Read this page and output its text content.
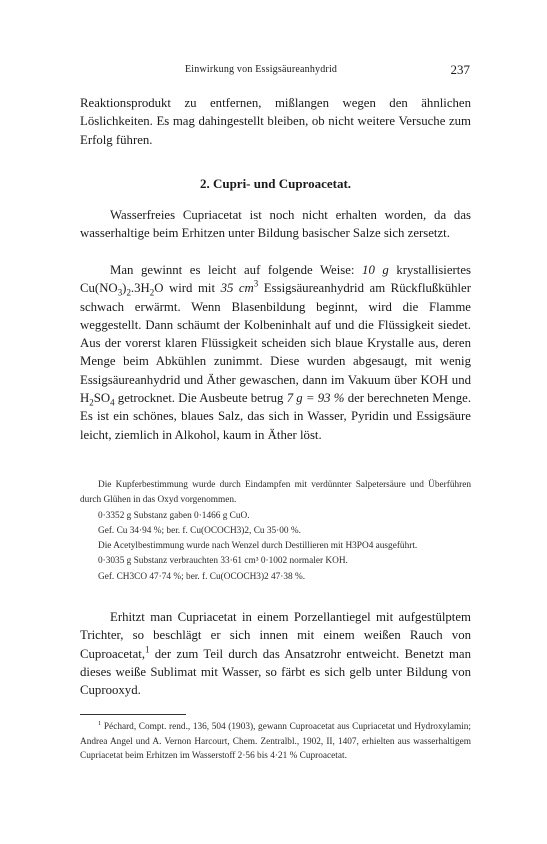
Einwirkung von Essigsäureanhydrid	237

Reaktionsprodukt zu entfernen, mißlangen wegen den ähnlichen Löslichkeiten. Es mag dahingestellt bleiben, ob nicht weitere Versuche zum Erfolg führen.

2. Cupri- und Cuproacetat.

Wasserfreies Cupriacetat ist noch nicht erhalten worden, da das wasserhaltige beim Erhitzen unter Bildung basischer Salze sich zersetzt.

Man gewinnt es leicht auf folgende Weise: 10 g krystallisiertes $Cu(NO_3)_2.3H_2O$ wird mit 35 $cm^3$ Essigsäureanhydrid am Rückflußkühler schwach erwärmt. Wenn Blasenbildung beginnt, wird die Flamme weggestellt. Dann schäumt der Kolbeninhalt auf und die Flüssigkeit siedet. Aus der vorerst klaren Flüssigkeit scheiden sich blaue Krystalle aus, deren Menge beim Abkühlen zunimmt. Diese wurden abgesaugt, mit wenig Essigsäureanhydrid und Äther gewaschen, dann im Vakuum über KOH und $H_2SO_4$ getrocknet. Die Ausbeute betrug 7 g = 93 % der berechneten Menge. Es ist ein schönes, blaues Salz, das sich in Wasser, Pyridin und Essigsäure leicht, ziemlich in Alkohol, kaum in Äther löst.

Die Kupferbestimmung wurde durch Eindampfen mit verdünnter Salpetersäure und Überführen durch Glühen in das Oxyd vorgenommen.

0·3352 g Substanz gaben 0·1466 g CuO.

Gef. Cu 34·94 %; ber. f. Cu(OCOCH3)2, Cu 35·00 %.

Die Acetylbestimmung wurde nach Wenzel durch Destillieren mit H3PO4 ausgeführt.

0·3035 g Substanz verbrauchten 33·61 cm³ 0·1002 normaler KOH.

Gef. CH3CO 47·74 %; ber. f. Cu(OCOCH3)2 47·38 %.

Erhitzt man Cupriacetat in einem Porzellantiegel mit aufgestülptem Trichter, so beschlägt er sich innen mit einem weißen Rauch von Cuproacetat,$^1$ der zum Teil durch das Ansatzrohr entweicht. Benetzt man dieses weiße Sublimat mit Wasser, so färbt es sich gelb unter Bildung von Cuprooxyd.

$^1$ Péchard, Compt. rend., 136, 504 (1903), gewann Cuproacetat aus Cupriacetat und Hydroxylamin; Andrea Angel und A. Vernon Harcourt, Chem. Zentralbl., 1902, II, 1407, erhielten aus wasserhaltigem Cupriacetat beim Erhitzen im Wasserstoff 2·56 bis 4·21 % Cuproacetat.
